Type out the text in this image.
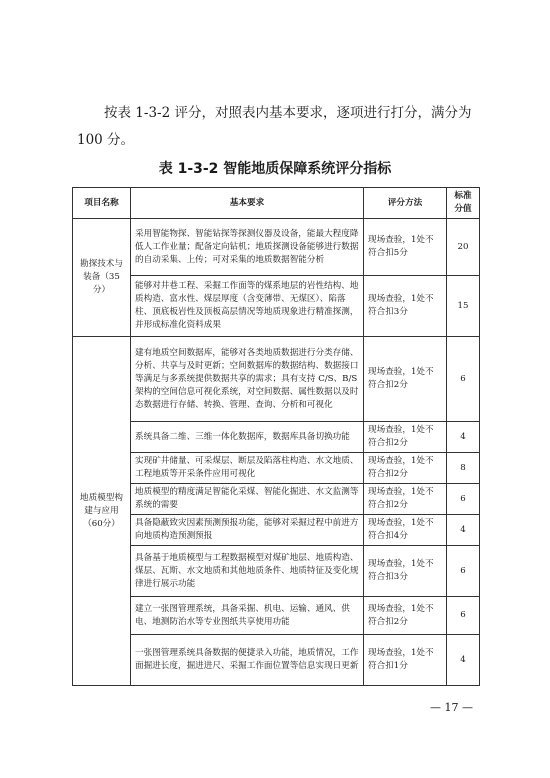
按表 1-3-2 评分，对照表内基本要求，逐项进行打分，满分为 100 分。

表 1-3-2 智能地质保障系统评分指标

项目名称	基本要求	评分方法	标准分值
勘探技术与装备（35分）	采用智能物探、智能钻探等探测仪器及设备，能最大程度降低人工作业量；配备定向钻机；地质探测设备能够进行数据的自动采集、上传；可对采集的地质数据智能分析	现场查验，1处不符合扣5分	20
	能够对井巷工程、采掘工作面等的煤系地层的岩性结构、地质构造、富水性、煤层厚度（含变薄带、无煤区）、陷落柱、顶底板岩性及顶板高层情况等地质现象进行精准探测，并形成标准化资料成果	现场查验，1处不符合扣3分	15
地质模型构建与应用（60分）	建有地质空间数据库，能够对各类地质数据进行分类存储、分析、共享与及时更新；空间数据库的数据结构、数据接口等满足与多系统提供数据共享的需求；具有支持 C/S、B/S 架构的空间信息可视化系统，对空间数据、属性数据以及时态数据进行存储、转换、管理、查询、分析和可视化	现场查验，1处不符合扣2分	6
	系统具备二维、三维一体化数据库，数据库具备切换功能	现场查验，1处不符合扣2分	4
	实现矿井储量、可采煤层、断层及陷落柱构造、水文地质、工程地质等开采条件应用可视化	现场查验，1处不符合扣2分	8
	地质模型的精度满足智能化采煤、智能化掘进、水文监测等系统的需要	现场查验，1处不符合扣2分	6
	具备隐蔽致灾因素预测预报功能，能够对采掘过程中前进方向地质构造预测预报	现场查验，1处不符合扣4分	4
	具备基于地质模型与工程数据模型对煤矿地层、地质构造、煤层、瓦斯、水文地质和其他地质条件、地质特征及变化规律进行展示功能	现场查验，1处不符合扣3分	6
	建立一张图管理系统，具备采掘、机电、运输、通风、供电、地测防治水等专业图纸共享使用功能	现场查验，1处不符合扣2分	6
	一张图管理系统具备数据的便捷录入功能，地质情况，工作面掘进长度，掘进进尺、采掘工作面位置等信息实现日更新	现场查验，1处不符合扣1分	4
— 17 —
